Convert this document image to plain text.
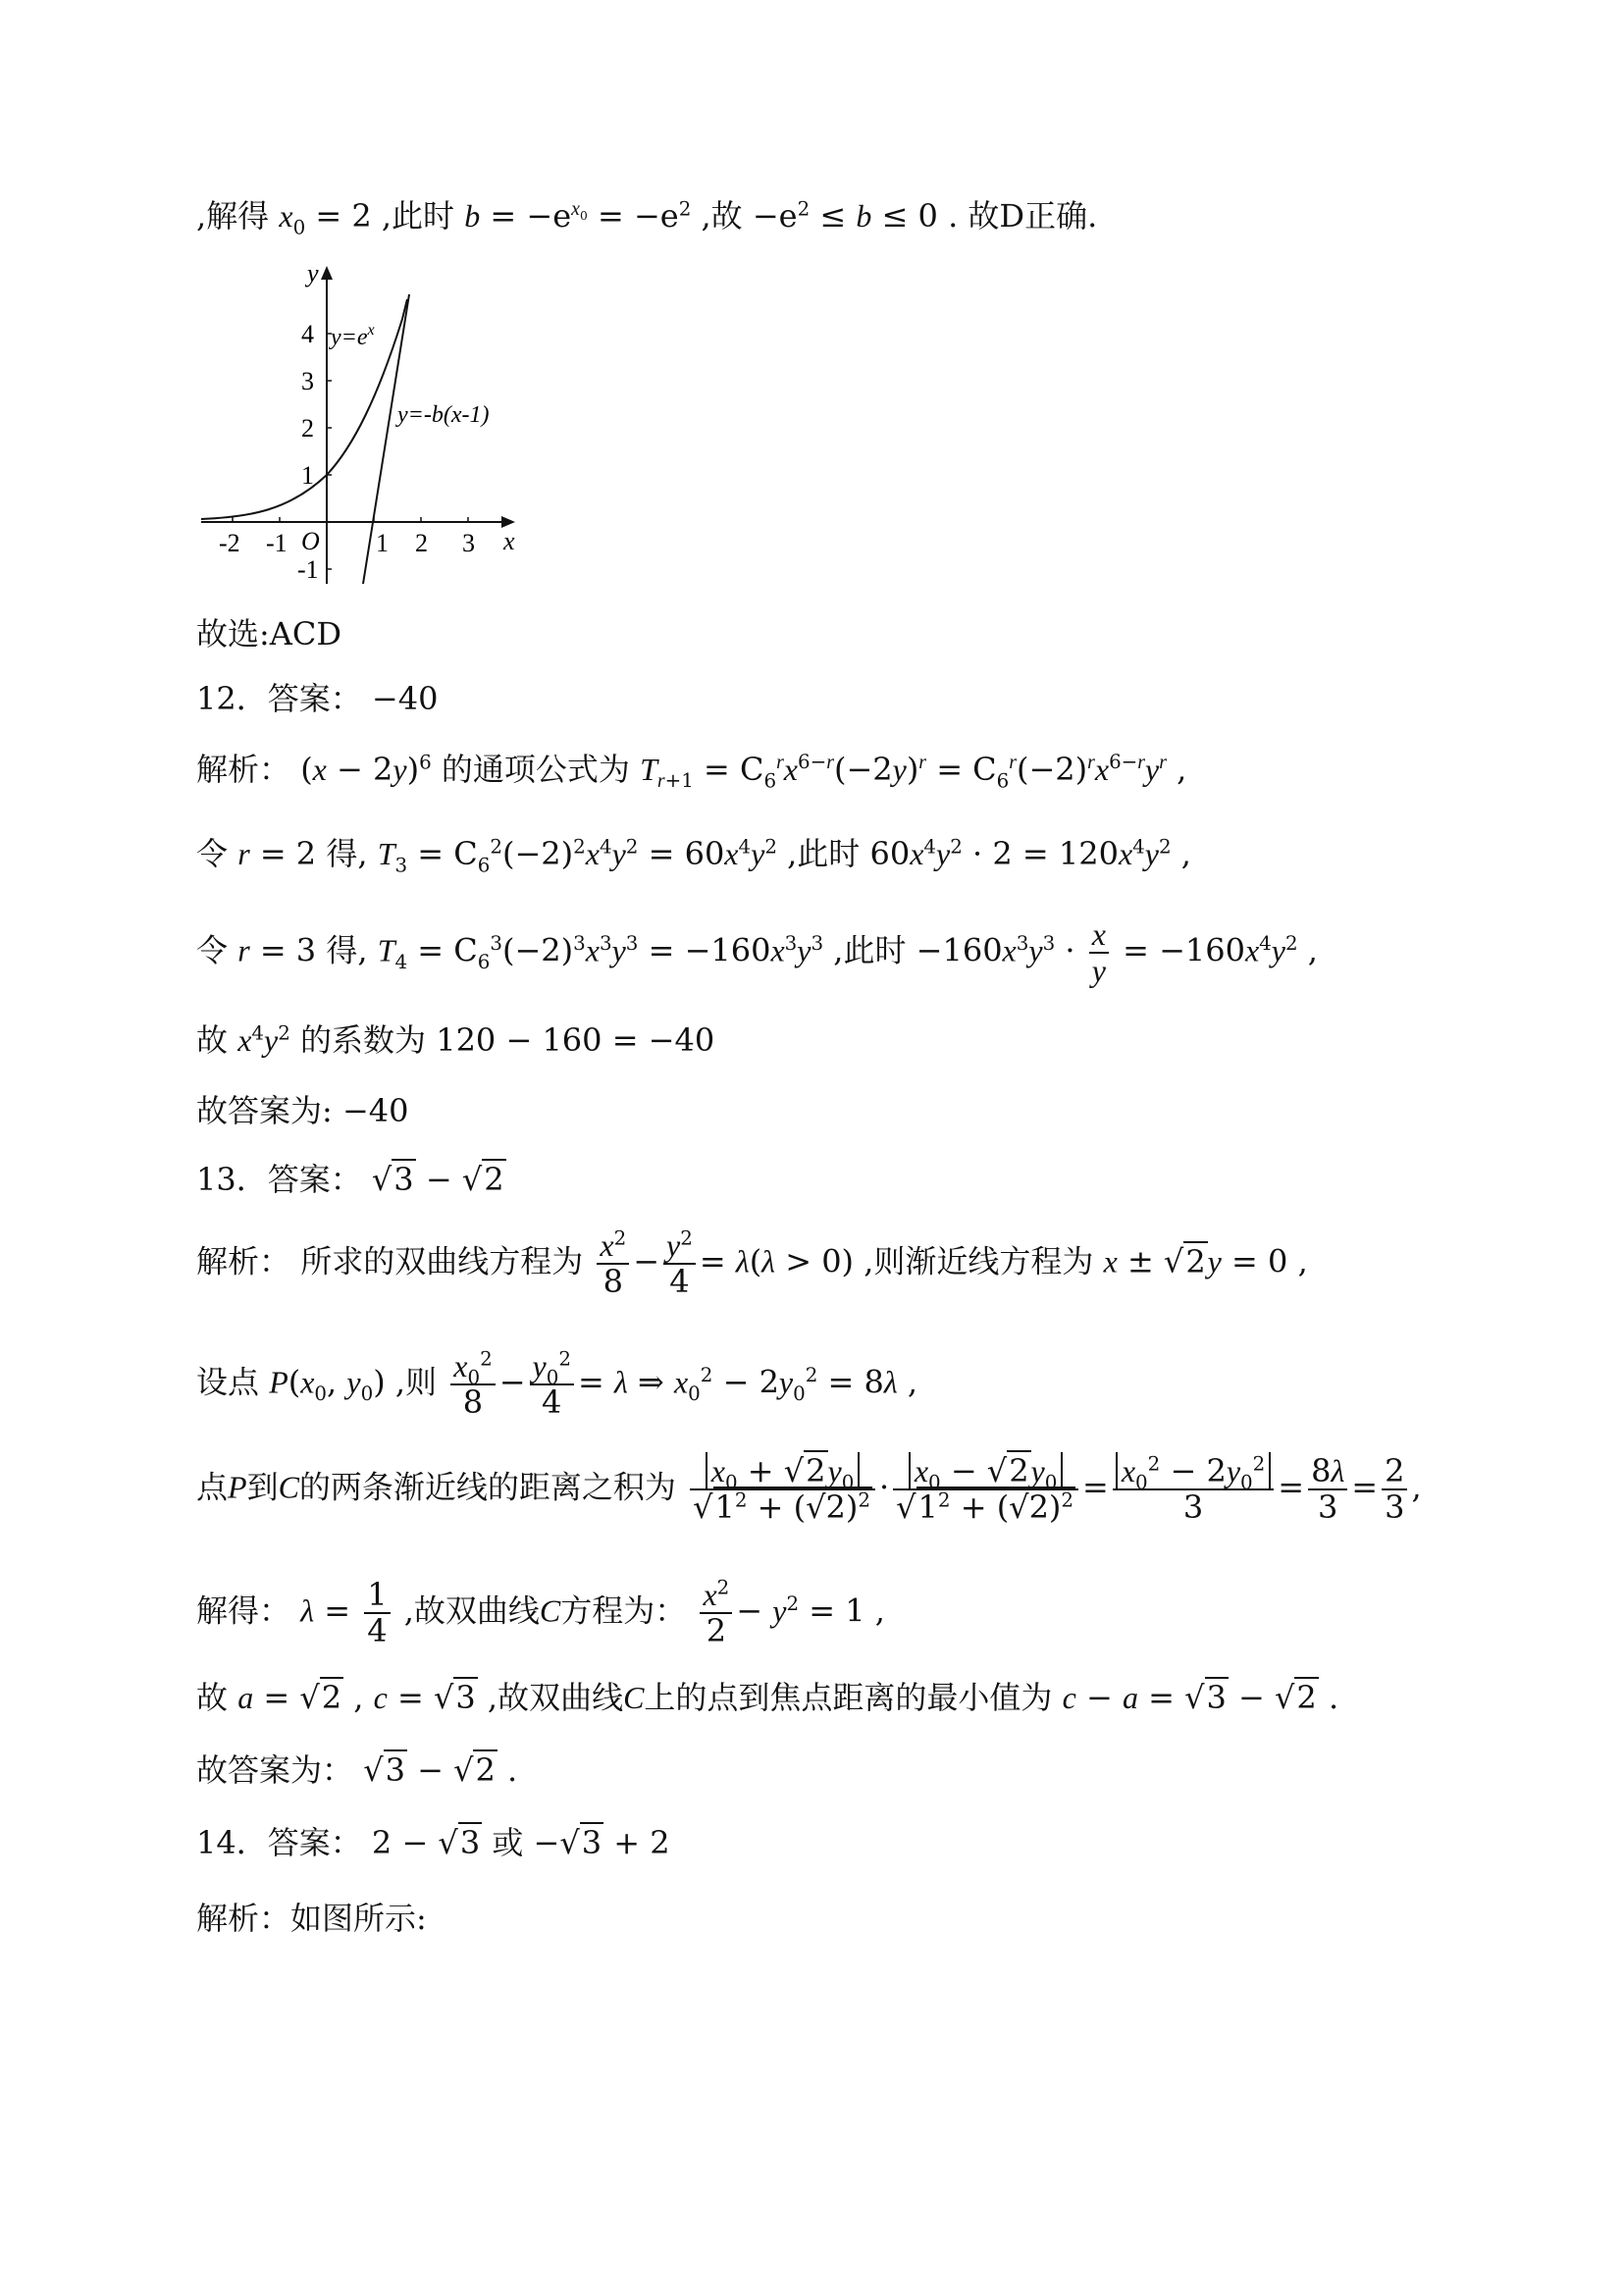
,解得 $x_0 = 2$ ,此时 $b = -e^{x_0} = -e^2$ ,故 $-e^2 \le b \le 0$ . 故D正确.
y
x
O
-2 -1	1 2 3
4
3
2
1
-1
$y=e^x$
y=-b(x-1)
故选:ACD
12．答案： −40
解析： $(x - 2y)^6$ 的通项公式为 $T_{r+1} = C_6^rx^{6-r}(-2y)^r = C_6^r(-2)^rx^{6-r}y^r$ ,
令 r = 2 得, $T_3 = C_6^2(-2)^2x^4y^2 = 60x^4y^2$ ,此时 $60x^4y^2 \cdot 2 = 120x^4y^2$ ,
令 r = 3 得, $T_4 = C_6^3(-2)^3x^3y^3 = -160x^3y^3$ ,此时 $-160x^3y^3 \cdot \frac{x}{y} = -160x^4y^2$ ,
故 $x^4y^2$ 的系数为 120 − 160 = −40
故答案为: −40
13．答案： √3 − √2
解析： 所求的双曲线方程为 $\frac{x^2}{8} - \frac{y^2}{4} = \lambda(\lambda > 0)$ ,则渐近线方程为 x ± √2y = 0 ,
设点 $P(x_0$, $y_0$) ,则 $\frac{x_0^2}{8} - \frac{y_0^2}{4} = \lambda$ ⇒ $x_0^2 - 2y_0^2 = 8\lambda$ ,
点P到C的两条渐近线的距离之积为 $\frac{x_0 + √2y_0}{√1^2 + (√2)^2} \cdot \frac{x_0 - √2y_0}{√1^2 + (√2)^2} = \frac{x_0^2 - 2y_0^2}{3} = \frac{8\lambda}{3} = \frac{2}{3}$ ,
解得： $\lambda = \frac{1}{4}$ ,故双曲线C方程为： $\frac{x^2}{2} - y^2 = 1$ ,
故 a = √2 , c = √3 ,故双曲线C上的点到焦点距离的最小值为 c − a = √3 − √2 .
故答案为： √3 − √2 .
14．答案： 2 − √3 或 −√3 + 2
解析：如图所示:
